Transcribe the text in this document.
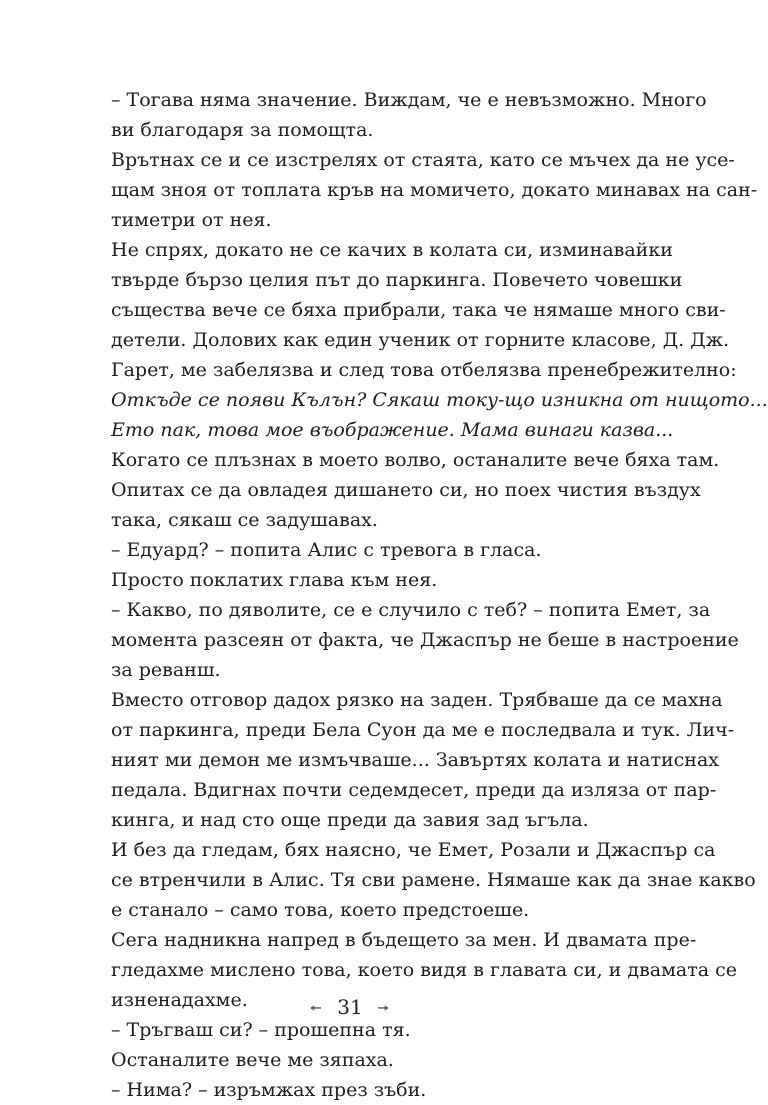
– Тогава няма значение. Виждам, че е невъзможно. Много
ви благодаря за помощта.

Врътнах се и се изстрелях от стаята, като се мъчех да не усе-
щам зноя от топлата кръв на момичето, докато минавах на сан-
тиметри от нея.

Не спрях, докато не се качих в колата си, изминавайки
твърде бързо целия път до паркинга. Повечето човешки
същества вече се бяха прибрали, така че нямаше много сви-
детели. Долових как един ученик от горните класове, Д. Дж.
Гарет, ме забелязва и след това отбелязва пренебрежително:
Откъде се появи Кълън? Сякаш току-що изникна от нищото...
Ето пак, това мое въображение. Мама винаги казва...

Когато се плъзнах в моето волво, останалите вече бяха там.
Опитах се да овладея дишането си, но поех чистия въздух
така, сякаш се задушавах.

– Едуард? – попита Алис с тревога в гласа.

Просто поклатих глава към нея.

– Какво, по дяволите, се е случило с теб? – попита Емет, за
момента разсеян от факта, че Джаспър не беше в настроение
за реванш.

Вместо отговор дадох рязко на заден. Трябваше да се махна
от паркинга, преди Бела Суон да ме е последвала и тук. Лич-
ният ми демон ме измъчваше... Завъртях колата и натиснах
педала. Вдигнах почти седемдесет, преди да изляза от пар-
кинга, и над сто още преди да завия зад ъгъла.

И без да гледам, бях наясно, че Емет, Розали и Джаспър са
се втренчили в Алис. Тя сви рамене. Нямаше как да знае какво
е станало – само това, което предстоеше.

Сега надникна напред в бъдещето за мен. И двамата пре-
гледахме мислено това, което видя в главата си, и двамата се
изненадахме.

– Тръгваш си? – прошепна тя.

Останалите вече ме зяпаха.

– Нима? – изръмжах през зъби.

↞ 31 ↠
